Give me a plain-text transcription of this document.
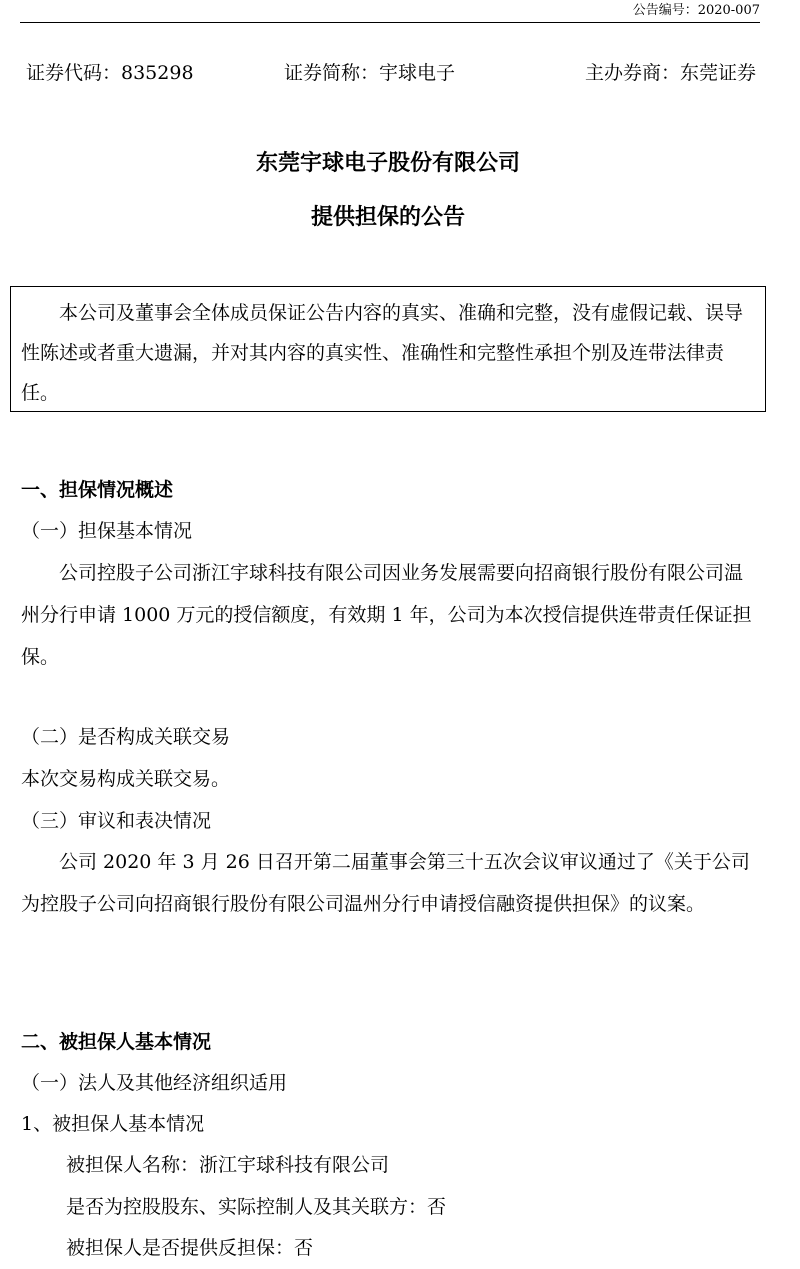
公告编号：2020-007
证券代码：835298	证券简称：宇球电子	主办券商：东莞证券
东莞宇球电子股份有限公司
提供担保的公告
本公司及董事会全体成员保证公告内容的真实、准确和完整，没有虚假记载、误导性陈述或者重大遗漏，并对其内容的真实性、准确性和完整性承担个别及连带法律责任。

一、担保情况概述

（一）担保基本情况

公司控股子公司浙江宇球科技有限公司因业务发展需要向招商银行股份有限公司温州分行申请 1000 万元的授信额度，有效期 1 年，公司为本次授信提供连带责任保证担保。

（二）是否构成关联交易

本次交易构成关联交易。

（三）审议和表决情况

公司 2020 年 3 月 26 日召开第二届董事会第三十五次会议审议通过了《关于公司为控股子公司向招商银行股份有限公司温州分行申请授信融资提供担保》的议案。

二、被担保人基本情况

（一）法人及其他经济组织适用

1、被担保人基本情况

被担保人名称：浙江宇球科技有限公司

是否为控股股东、实际控制人及其关联方：否

被担保人是否提供反担保：否
